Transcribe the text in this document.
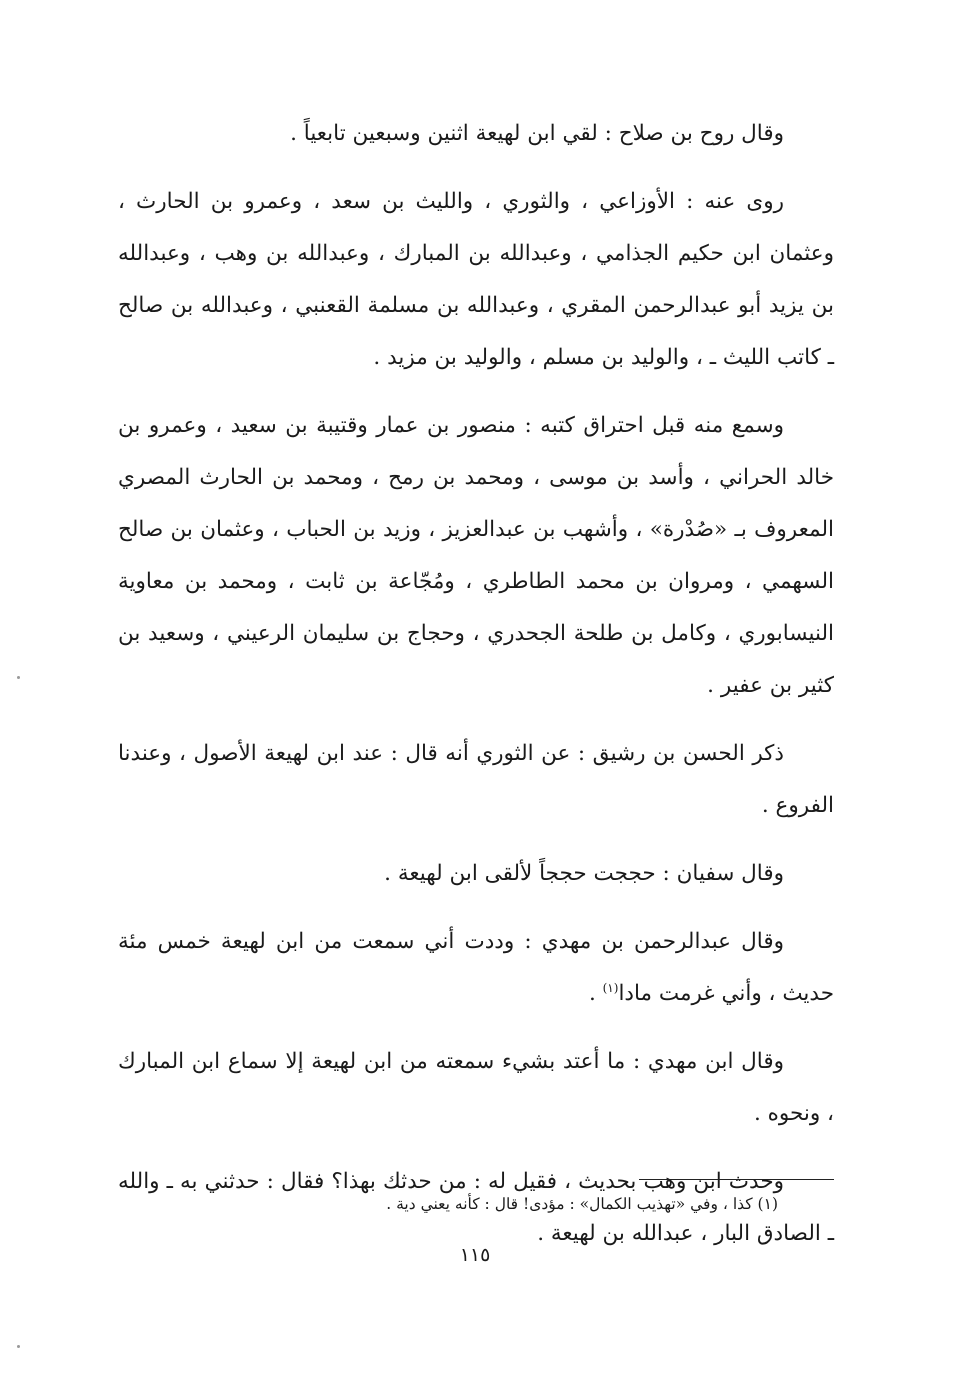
وقال روح بن صلاح : لقي ابن لهيعة اثنين وسبعين تابعياً .

روى عنه : الأوزاعي ، والثوري ، والليث بن سعد ، وعمرو بن الحارث ، وعثمان ابن حكيم الجذامي ، وعبدالله بن المبارك ، وعبدالله بن وهب ، وعبدالله بن يزيد أبو عبدالرحمن المقري ، وعبدالله بن مسلمة القعنبي ، وعبدالله بن صالح ـ كاتب الليث ـ ، والوليد بن مسلم ، والوليد بن مزيد .

وسمع منه قبل احتراق كتبه : منصور بن عمار وقتيبة بن سعيد ، وعمرو بن خالد الحراني ، وأسد بن موسى ، ومحمد بن رمح ، ومحمد بن الحارث المصري المعروف بـ «صُدْرة» ، وأشهب بن عبدالعزيز ، وزيد بن الحباب ، وعثمان بن صالح السهمي ، ومروان بن محمد الطاطري ، ومُجّاعة بن ثابت ، ومحمد بن معاوية النيسابوري ، وكامل بن طلحة الجحدري ، وحجاج بن سليمان الرعيني ، وسعيد بن كثير بن عفير .

ذكر الحسن بن رشيق : عن الثوري أنه قال : عند ابن لهيعة الأصول ، وعندنا الفروع .

وقال سفيان : حججت حججاً لألقى ابن لهيعة .

وقال عبدالرحمن بن مهدي : وددت أني سمعت من ابن لهيعة خمس مئة حديث ، وأني غرمت مادا$^{(١)}$ .

وقال ابن مهدي : ما أعتد بشيء سمعته من ابن لهيعة إلا سماع ابن المبارك ، ونحوه .

وحدث ابن وهب بحديث ، فقيل له : من حدثك بهذا؟ فقال : حدثني به ـ والله ـ الصادق البار ، عبدالله بن لهيعة .

(١) كذا ، وفي «تهذيب الكمال» : مؤدى! قال : كأنه يعني دية .
١١٥
